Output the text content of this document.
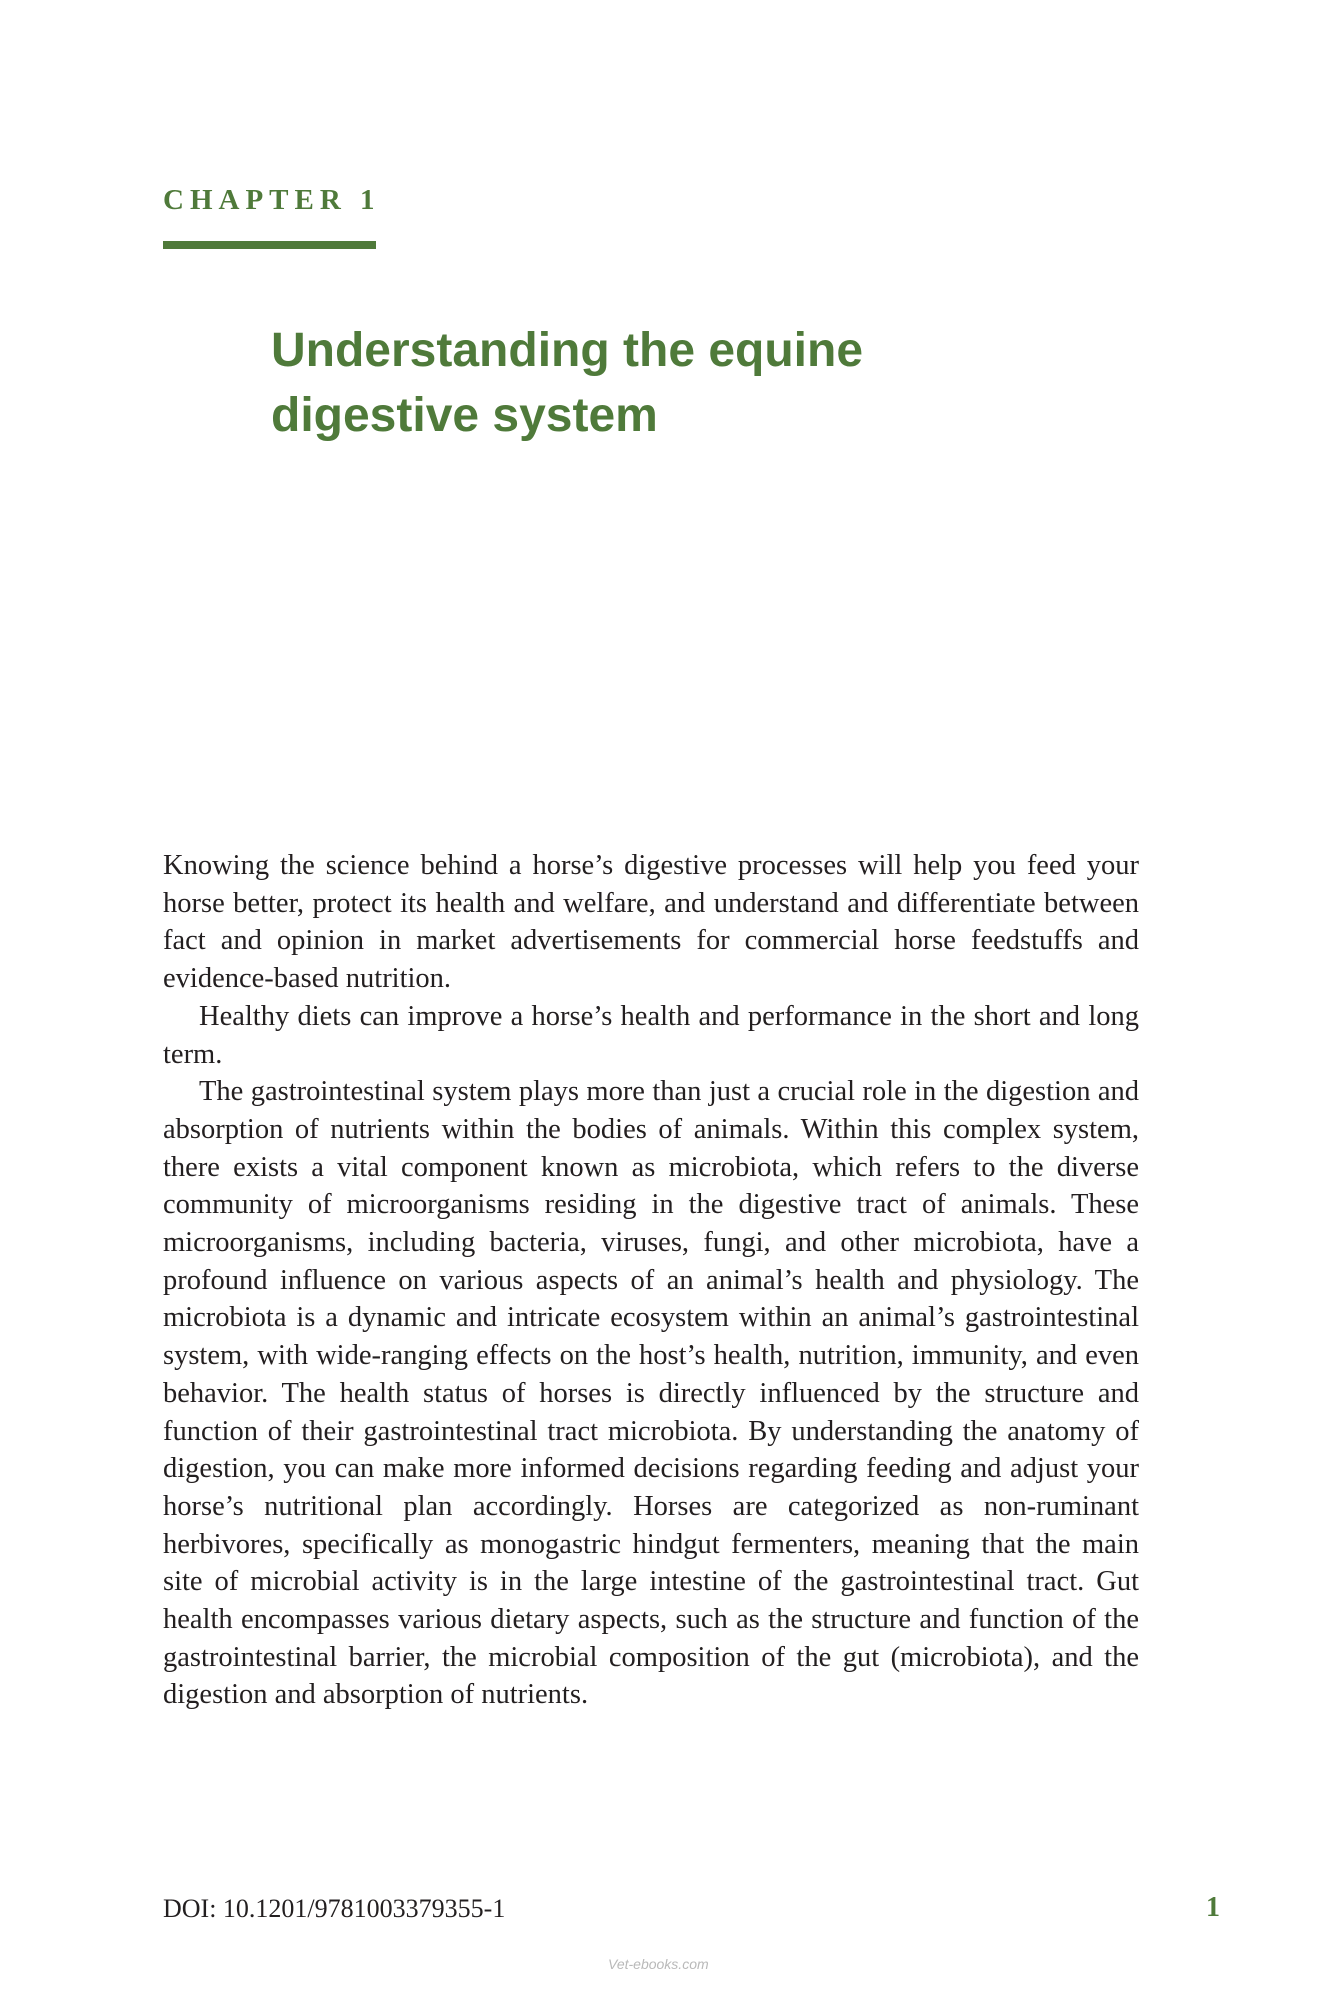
CHAPTER 1
Understanding the equine
digestive system

Knowing the science behind a horse’s digestive processes will help you feed your horse better, protect its health and welfare, and understand and differentiate between fact and opinion in market advertisements for commercial horse feedstuffs and evidence-based nutrition.

Healthy diets can improve a horse’s health and performance in the short and long term.

The gastrointestinal system plays more than just a crucial role in the digestion and absorption of nutrients within the bodies of animals. Within this complex system, there exists a vital component known as microbiota, which refers to the diverse community of microorganisms residing in the digestive tract of animals. These microorganisms, including bacteria, viruses, fungi, and other microbiota, have a profound influence on various aspects of an animal’s health and physiology. The microbiota is a dynamic and intricate ecosystem within an animal’s gastrointestinal system, with wide-ranging effects on the host’s health, nutrition, immunity, and even behavior. The health status of horses is directly influenced by the structure and function of their gastrointestinal tract microbiota. By understanding the anatomy of digestion, you can make more informed decisions regarding feeding and adjust your horse’s nutritional plan accordingly. Horses are categorized as non-ruminant herbivores, specifically as monogastric hindgut fermenters, meaning that the main site of microbial activity is in the large intestine of the gastrointestinal tract. Gut health encompasses various dietary aspects, such as the structure and function of the gastrointestinal barrier, the microbial composition of the gut (microbiota), and the digestion and absorption of nutrients.

DOI: 10.1201/9781003379355-1	1
Vet-ebooks.com
